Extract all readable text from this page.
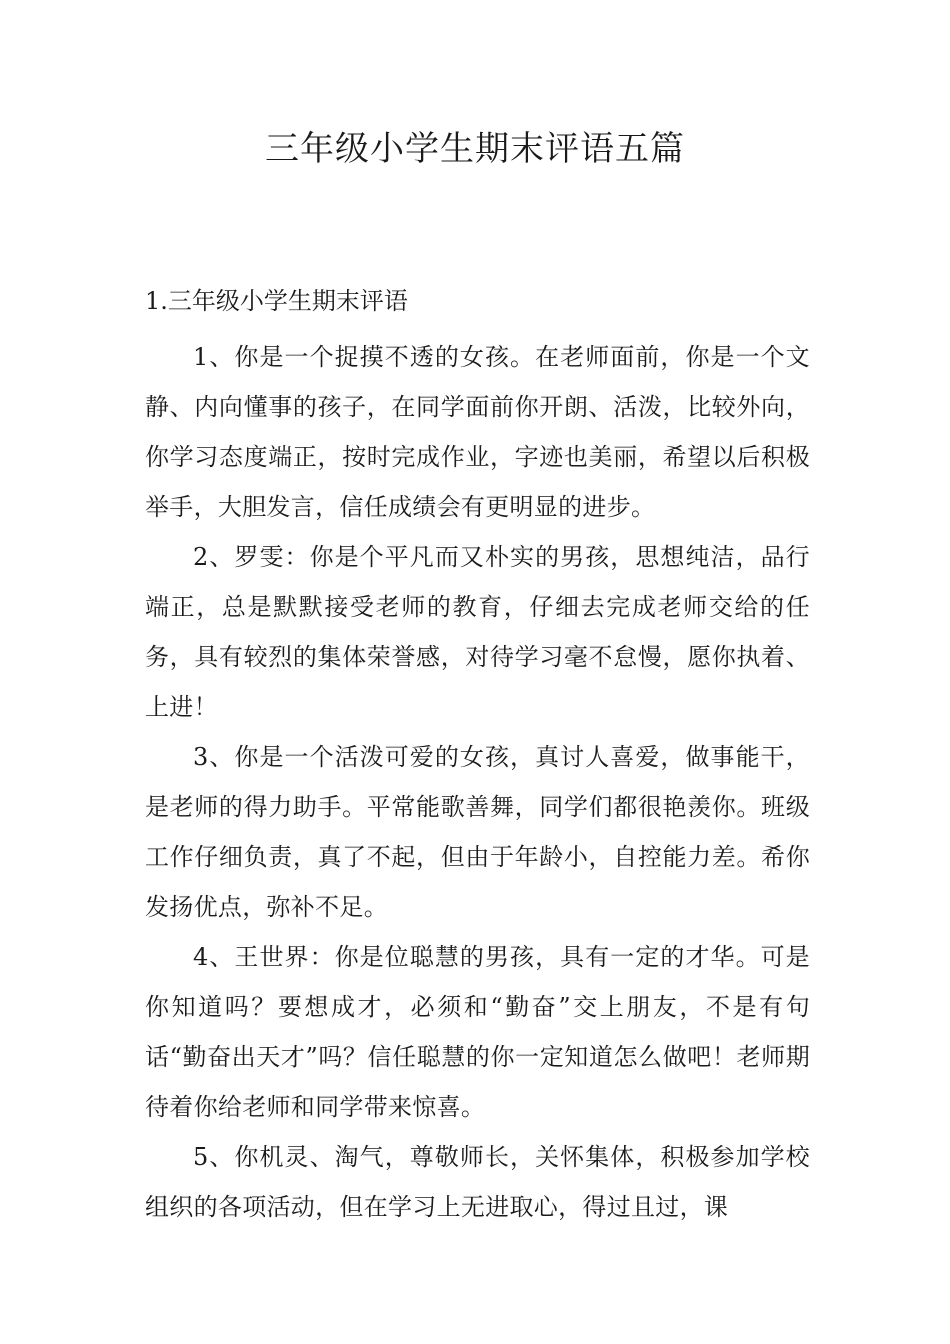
三年级小学生期末评语五篇
1.三年级小学生期末评语

1、你是一个捉摸不透的女孩。在老师面前，你是一个文静、内向懂事的孩子，在同学面前你开朗、活泼，比较外向，你学习态度端正，按时完成作业，字迹也美丽，希望以后积极举手，大胆发言，信任成绩会有更明显的进步。

2、罗雯：你是个平凡而又朴实的男孩，思想纯洁，品行端正，总是默默接受老师的教育，仔细去完成老师交给的任务，具有较烈的集体荣誉感，对待学习毫不怠慢，愿你执着、上进！

3、你是一个活泼可爱的女孩，真讨人喜爱，做事能干，是老师的得力助手。平常能歌善舞，同学们都很艳羡你。班级工作仔细负责，真了不起，但由于年龄小，自控能力差。希你发扬优点，弥补不足。

4、王世界：你是位聪慧的男孩，具有一定的才华。可是你知道吗？要想成才，必须和“勤奋”交上朋友，不是有句话“勤奋出天才”吗？信任聪慧的你一定知道怎么做吧！老师期待着你给老师和同学带来惊喜。

5、你机灵、淘气，尊敬师长，关怀集体，积极参加学校组织的各项活动，但在学习上无进取心，得过且过，课
